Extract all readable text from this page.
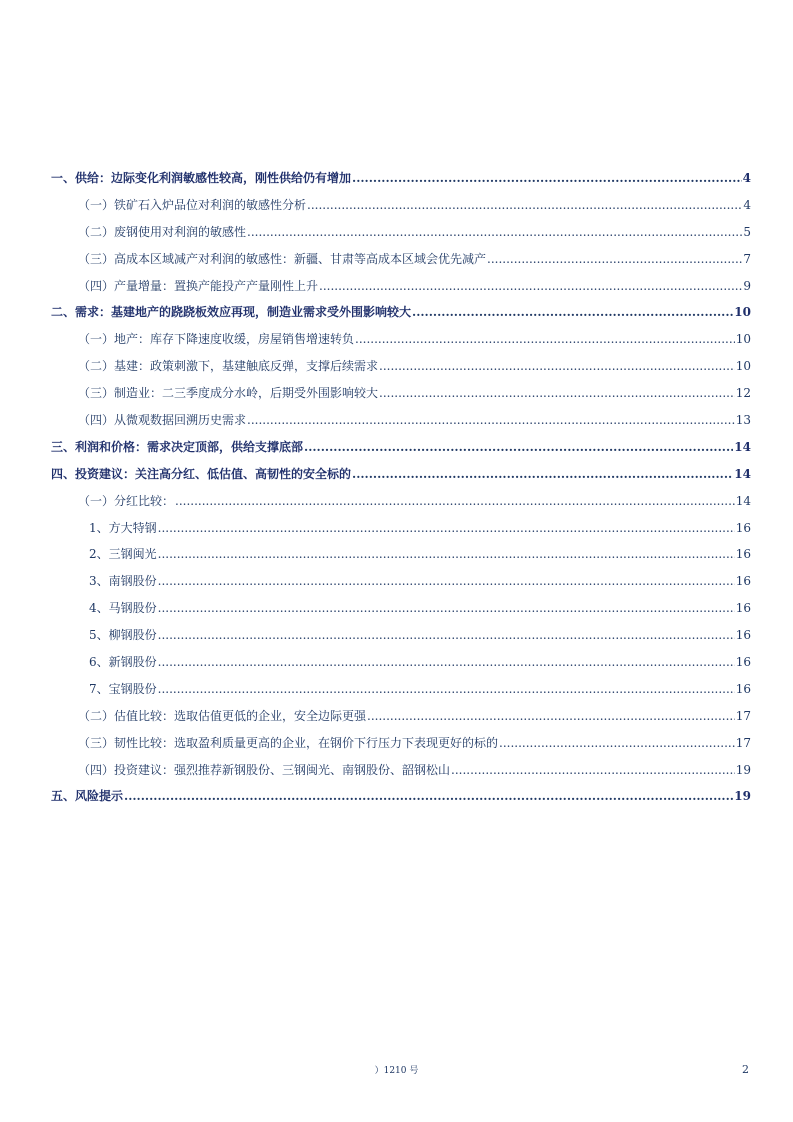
一、供给：边际变化利润敏感性较高，刚性供给仍有增加 .....	4
（一）铁矿石入炉品位对利润的敏感性分析 .....	4
（二）废钢使用对利润的敏感性 .....	5
（三）高成本区域减产对利润的敏感性：新疆、甘肃等高成本区域会优先减产 .....	7
（四）产量增量：置换产能投产产量刚性上升 .....	9
二、需求：基建地产的跷跷板效应再现，制造业需求受外围影响较大 .....	10
（一）地产：库存下降速度收缓，房屋销售增速转负 .....	10
（二）基建：政策刺激下，基建触底反弹，支撑后续需求 .....	10
（三）制造业：二三季度成分水岭，后期受外围影响较大 .....	12
（四）从微观数据回溯历史需求 .....	13
三、利润和价格：需求决定顶部，供给支撑底部 .....	14
四、投资建议：关注高分红、低估值、高韧性的安全标的 .....	14
（一）分红比较： .....	14
1、方大特钢 .....	16
2、三钢闽光 .....	16
3、南钢股份 .....	16
4、马钢股份 .....	16
5、柳钢股份 .....	16
6、新钢股份 .....	16
7、宝钢股份 .....	16
（二）估值比较：选取估值更低的企业，安全边际更强 .....	17
（三）韧性比较：选取盈利质量更高的企业，在钢价下行压力下表现更好的标的 .....	17
（四）投资建议：强烈推荐新钢股份、三钢闽光、南钢股份、韶钢松山 .....	19
五、风险提示 .....	19
）1210 号	2
